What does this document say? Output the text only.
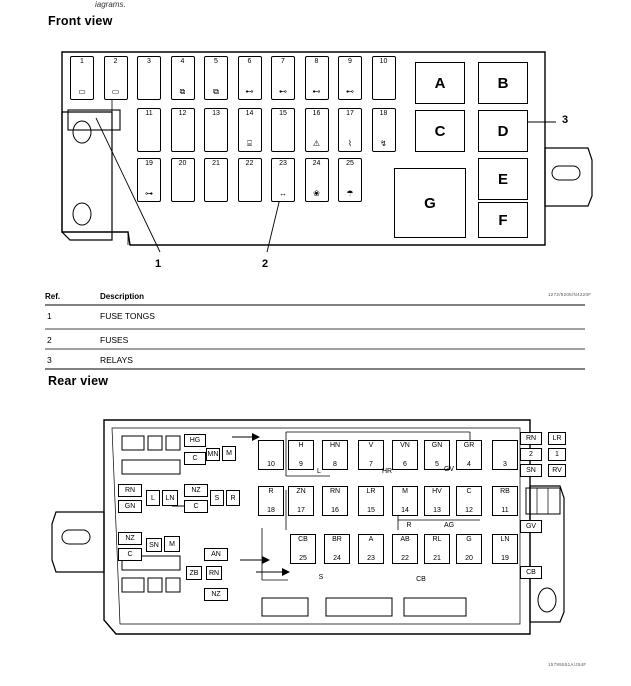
iagrams.
Front view
1
▭
2
▭
3	4
⧉
5
⧉
6
⊷
7
⊷
8
⊷
9
⊷
10
11	12	13	14
⌸
15	16
⚠
17
⌇
18
↯
19
⊶
20	21	22	23
↔
24
❀
25
☂
A	B
C	D
E
F
G
1	2
3
1272/9205/N4220F
Ref.	Description
1	FUSE TONGS
2	FUSES
3	RELAYS
Rear view
10
H
9
HN
8
V
7
VN
6
GN
5
GR
4	3
R
18
ZN
17
RN
16
LR
15
M
14
HV
13
C
12
RB
11
CB
25
BR
24
A
23
AB
22
RL
21
G
20
LN
19
HG
C
MN	M
RN
GN
L	LN
NZ
C
S	R
NZ
C
SN	M
AN
ZB	RN
NZ
RN	LR
2	1
SN	RV
GV
CB
L	HR	GV
R	AG
S	CB
15795551A/J54F
